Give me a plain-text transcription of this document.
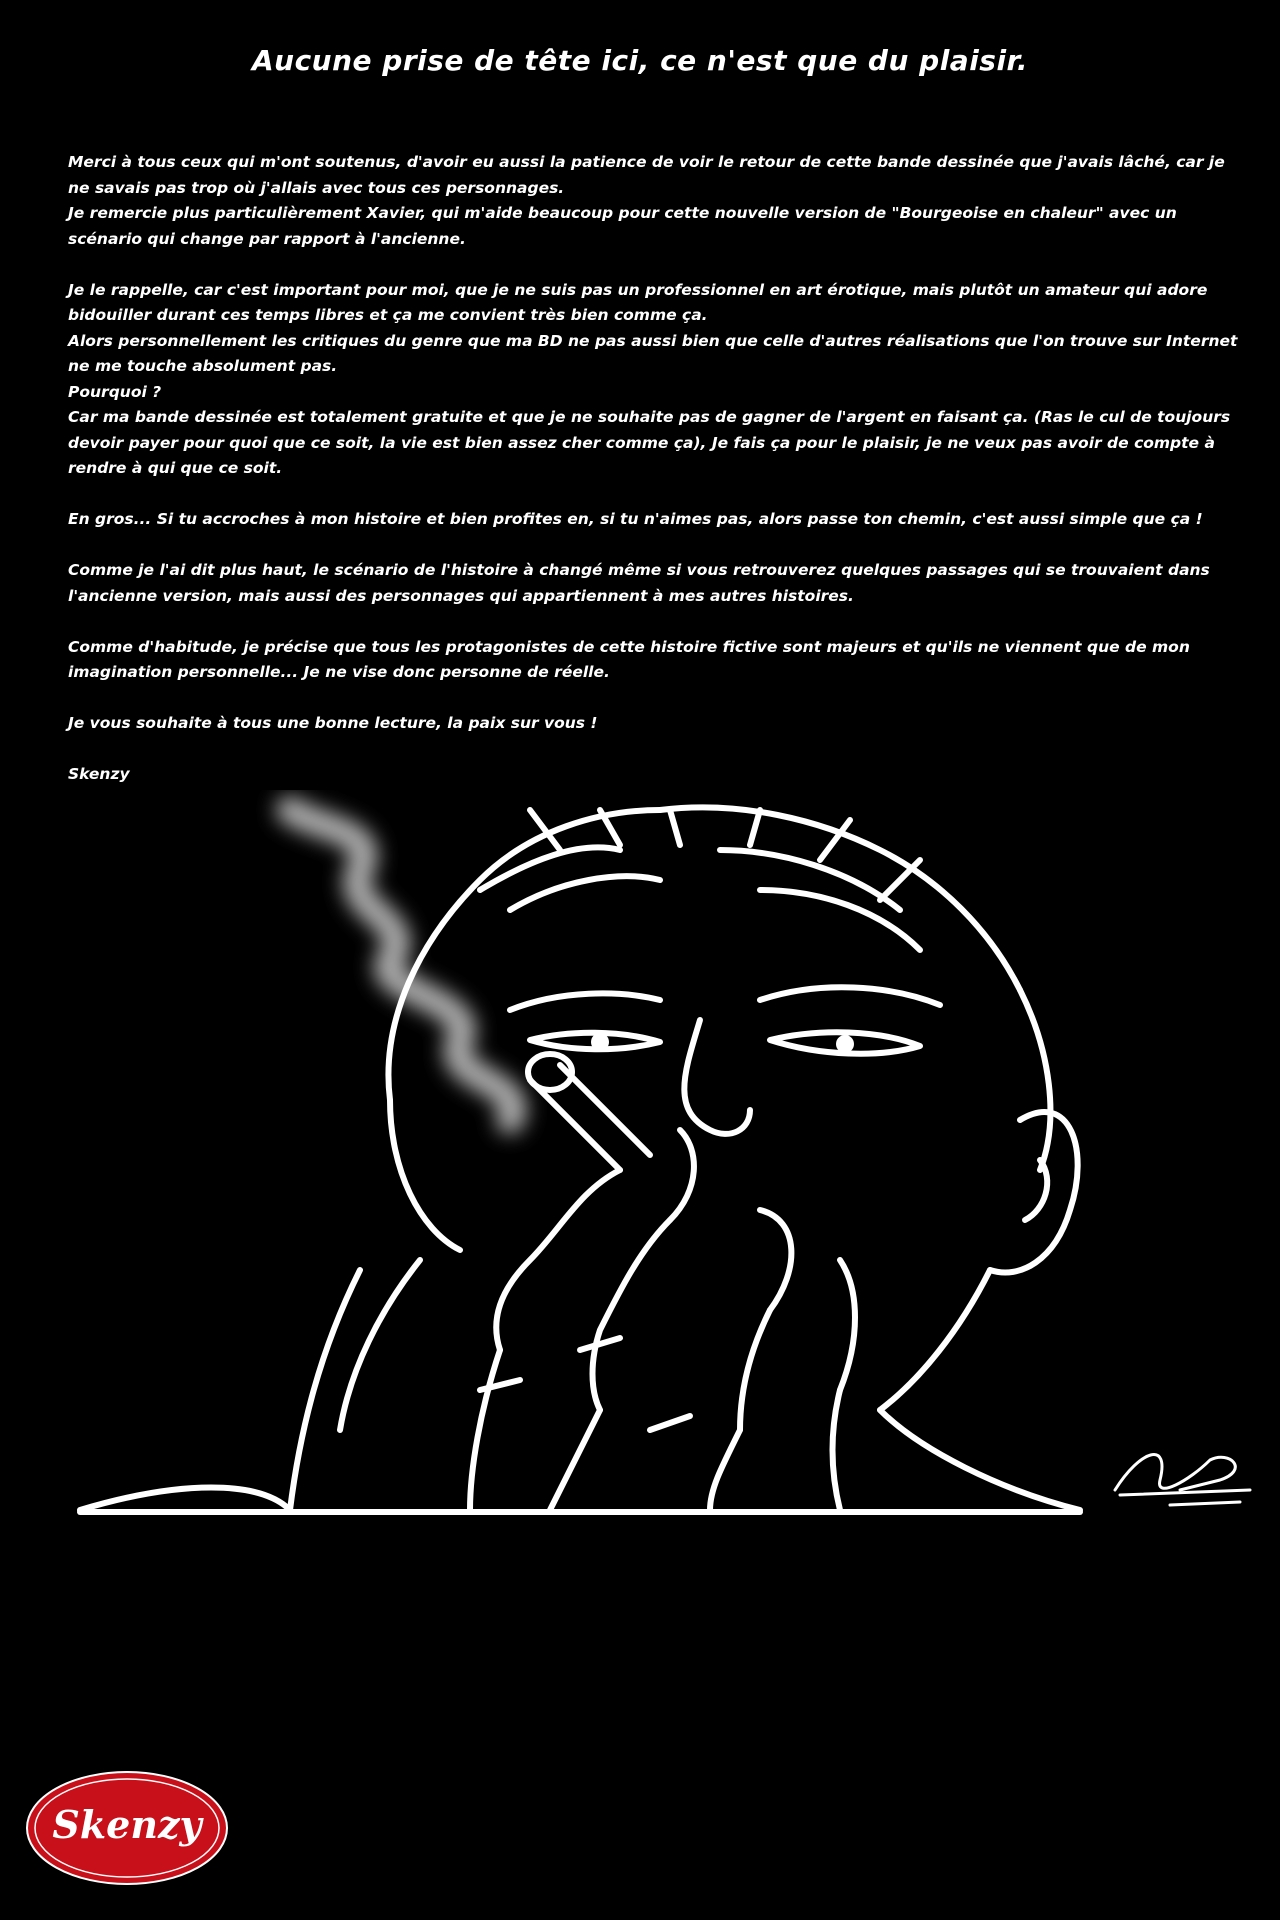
Aucune prise de tête ici, ce n'est que du plaisir.

Merci à tous ceux qui m'ont soutenus, d'avoir eu aussi la patience de voir le retour de cette bande dessinée que j'avais lâché, car je ne savais pas trop où j'allais avec tous ces personnages.

Je remercie plus particulièrement Xavier, qui m'aide beaucoup pour cette nouvelle version de "Bourgeoise en chaleur" avec un scénario qui change par rapport à l'ancienne.

Je le rappelle, car c'est important pour moi, que je ne suis pas un professionnel en art érotique, mais plutôt un amateur qui adore bidouiller durant ces temps libres et ça me convient très bien comme ça.

Alors personnellement les critiques du genre que ma BD ne pas aussi bien que celle d'autres réalisations que l'on trouve sur Internet ne me touche absolument pas.

Pourquoi ?

Car ma bande dessinée est totalement gratuite et que je ne souhaite pas de gagner de l'argent en faisant ça. (Ras le cul de toujours devoir payer pour quoi que ce soit, la vie est bien assez cher comme ça), Je fais ça pour le plaisir, je ne veux pas avoir de compte à rendre à qui que ce soit.

En gros... Si tu accroches à mon histoire et bien profites en, si tu n'aimes pas, alors passe ton chemin, c'est aussi simple que ça !

Comme je l'ai dit plus haut, le scénario de l'histoire à changé même si vous retrouverez quelques passages qui se trouvaient dans l'ancienne version, mais aussi des personnages qui appartiennent à mes autres histoires.

Comme d'habitude, je précise que tous les protagonistes de cette histoire fictive sont majeurs et qu'ils ne viennent que de mon imagination personnelle... Je ne vise donc personne de réelle.

Je vous souhaite à tous une bonne lecture, la paix sur vous !

Skenzy

Skenzy
